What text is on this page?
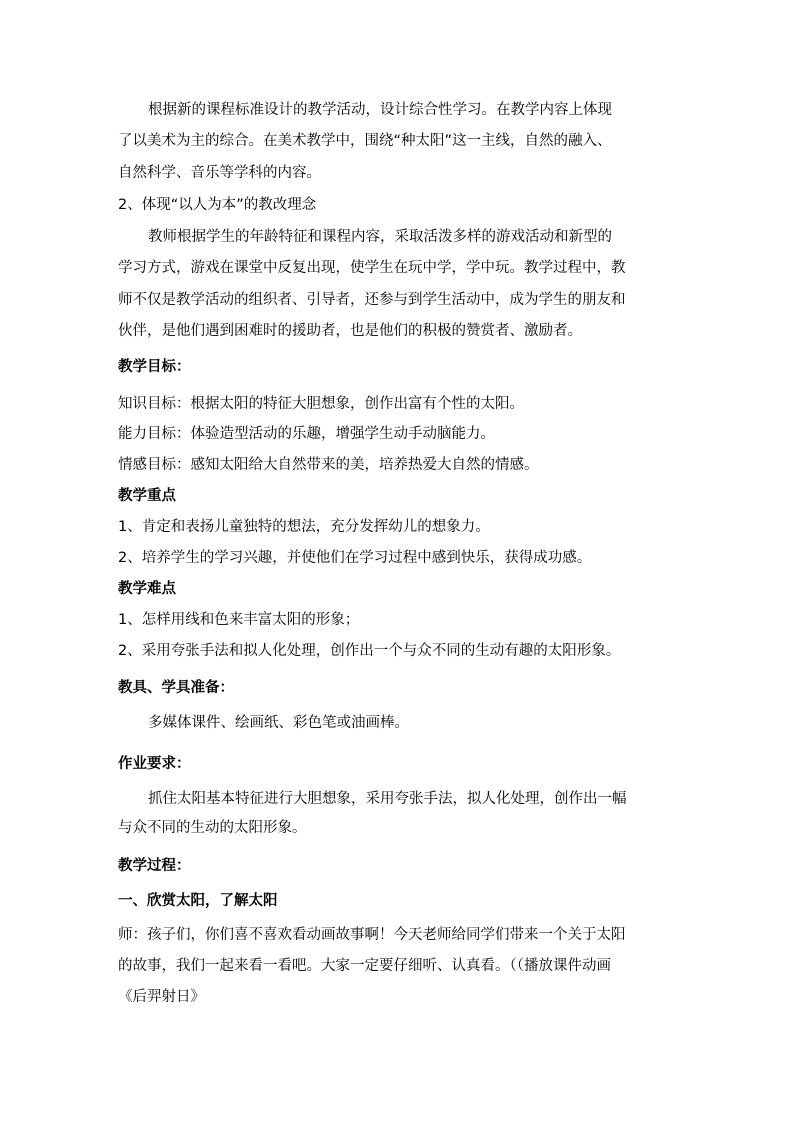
根据新的课程标准设计的教学活动，设计综合性学习。在教学内容上体现
了以美术为主的综合。在美术教学中，围绕“种太阳”这一主线，自然的融入、
自然科学、音乐等学科的内容。
2、体现“以人为本”的教改理念
教师根据学生的年龄特征和课程内容，采取活泼多样的游戏活动和新型的
学习方式，游戏在课堂中反复出现，使学生在玩中学，学中玩。教学过程中，教
师不仅是教学活动的组织者、引导者，还参与到学生活动中，成为学生的朋友和
伙伴，是他们遇到困难时的援助者，也是他们的积极的赞赏者、激励者。
教学目标：
知识目标：根据太阳的特征大胆想象，创作出富有个性的太阳。
能力目标：体验造型活动的乐趣，增强学生动手动脑能力。
情感目标：感知太阳给大自然带来的美，培养热爱大自然的情感。
教学重点
1、肯定和表扬儿童独特的想法，充分发挥幼儿的想象力。
2、培养学生的学习兴趣，并使他们在学习过程中感到快乐，获得成功感。
教学难点
1、怎样用线和色来丰富太阳的形象；
2、采用夸张手法和拟人化处理，创作出一个与众不同的生动有趣的太阳形象。
教具、学具准备：
多媒体课件、绘画纸、彩色笔或油画棒。
作业要求：
抓住太阳基本特征进行大胆想象，采用夸张手法，拟人化处理，创作出一幅
与众不同的生动的太阳形象。
教学过程：
一、欣赏太阳，了解太阳
师：孩子们，你们喜不喜欢看动画故事啊！今天老师给同学们带来一个关于太阳
的故事，我们一起来看一看吧。大家一定要仔细听、认真看。（（播放课件动画
《后羿射日》
